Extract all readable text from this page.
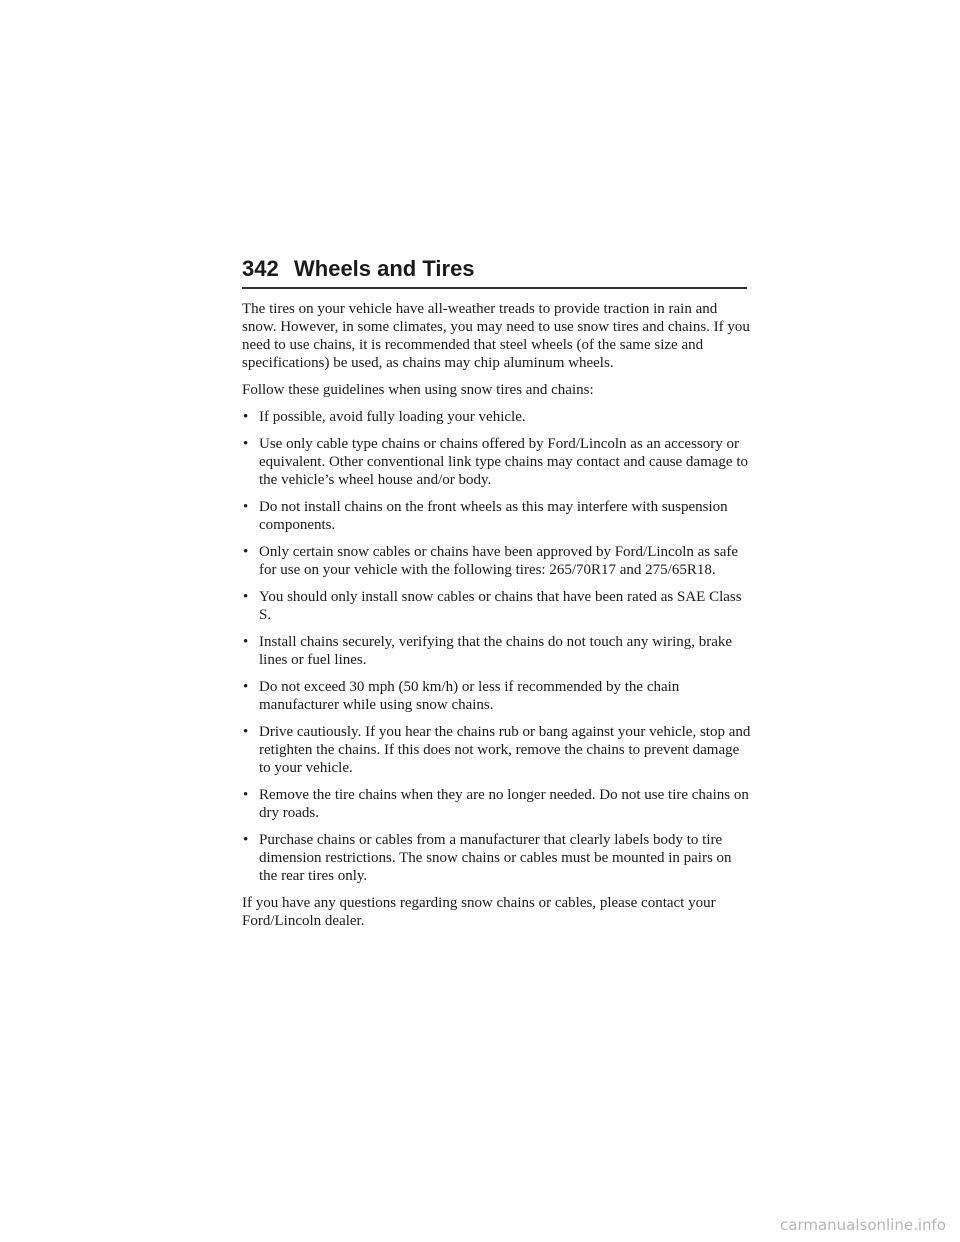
342 Wheels and Tires

The tires on your vehicle have all-weather treads to provide traction in rain and snow. However, in some climates, you may need to use snow tires and chains. If you need to use chains, it is recommended that steel wheels (of the same size and specifications) be used, as chains may chip aluminum wheels.

Follow these guidelines when using snow tires and chains:

• If possible, avoid fully loading your vehicle.
• Use only cable type chains or chains offered by Ford/Lincoln as an accessory or equivalent. Other conventional link type chains may contact and cause damage to the vehicle’s wheel house and/or body.
• Do not install chains on the front wheels as this may interfere with suspension components.
• Only certain snow cables or chains have been approved by Ford/Lincoln as safe for use on your vehicle with the following tires: 265/70R17 and 275/65R18.
• You should only install snow cables or chains that have been rated as SAE Class S.
• Install chains securely, verifying that the chains do not touch any wiring, brake lines or fuel lines.
• Do not exceed 30 mph (50 km/h) or less if recommended by the chain manufacturer while using snow chains.
• Drive cautiously. If you hear the chains rub or bang against your vehicle, stop and retighten the chains. If this does not work, remove the chains to prevent damage to your vehicle.
• Remove the tire chains when they are no longer needed. Do not use tire chains on dry roads.
• Purchase chains or cables from a manufacturer that clearly labels body to tire dimension restrictions. The snow chains or cables must be mounted in pairs on the rear tires only.

If you have any questions regarding snow chains or cables, please contact your Ford/Lincoln dealer.

carmanualsonline.info
